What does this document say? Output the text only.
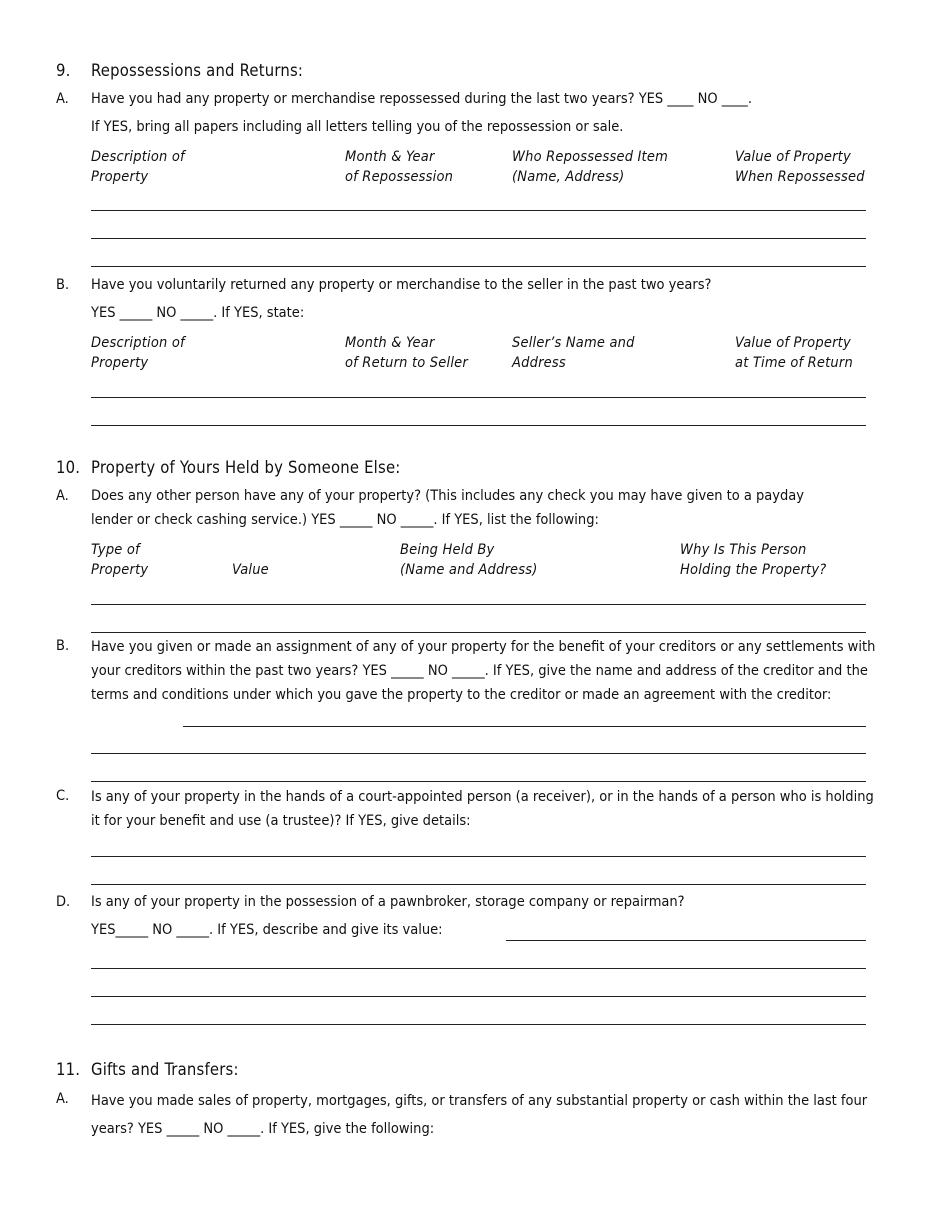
9. Repossessions and Returns:
A. Have you had any property or merchandise repossessed during the last two years? YES ____ NO ____.
If YES, bring all papers including all letters telling you of the repossession or sale.
Description of
Property
Month & Year
of Repossession
Who Repossessed Item
(Name, Address)
Value of Property
When Repossessed
B. Have you voluntarily returned any property or merchandise to the seller in the past two years?
YES _____ NO _____. If YES, state:
Description of
Property
Month & Year
of Return to Seller
Seller’s Name and
Address
Value of Property
at Time of Return
10. Property of Yours Held by Someone Else:
A. Does any other person have any of your property? (This includes any check you may have given to a payday
lender or check cashing service.) YES _____ NO _____. If YES, list the following:
Type of
Property
	Value
Being Held By
(Name and Address)
Why Is This Person
Holding the Property?
B. Have you given or made an assignment of any of your property for the benefit of your creditors or any settlements with your creditors within the past two years? YES _____ NO _____. If YES, give the name and address of the creditor and the terms and conditions under which you gave the property to the creditor or made an agreement with the creditor:
C. Is any of your property in the hands of a court-appointed person (a receiver), or in the hands of a person who is holding it for your benefit and use (a trustee)? If YES, give details:
D. Is any of your property in the possession of a pawnbroker, storage company or repairman?
YES_____ NO _____. If YES, describe and give its value:
11. Gifts and Transfers:
A. Have you made sales of property, mortgages, gifts, or transfers of any substantial property or cash within the last four years? YES _____ NO _____. If YES, give the following:
